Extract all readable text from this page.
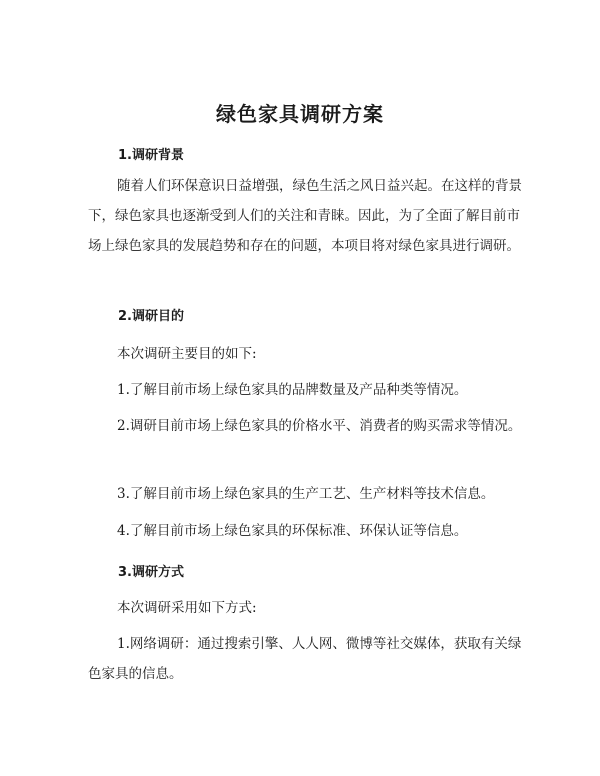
绿色家具调研方案
1.调研背景

随着人们环保意识日益增强，绿色生活之风日益兴起。在这样的背景下，绿色家具也逐渐受到人们的关注和青睐。因此，为了全面了解目前市场上绿色家具的发展趋势和存在的问题，本项目将对绿色家具进行调研。

2.调研目的

本次调研主要目的如下:

1.了解目前市场上绿色家具的品牌数量及产品种类等情况。

2.调研目前市场上绿色家具的价格水平、消费者的购买需求等情况。

3.了解目前市场上绿色家具的生产工艺、生产材料等技术信息。

4.了解目前市场上绿色家具的环保标准、环保认证等信息。

3.调研方式

本次调研采用如下方式:

1.网络调研：通过搜索引擎、人人网、微博等社交媒体，获取有关绿色家具的信息。
